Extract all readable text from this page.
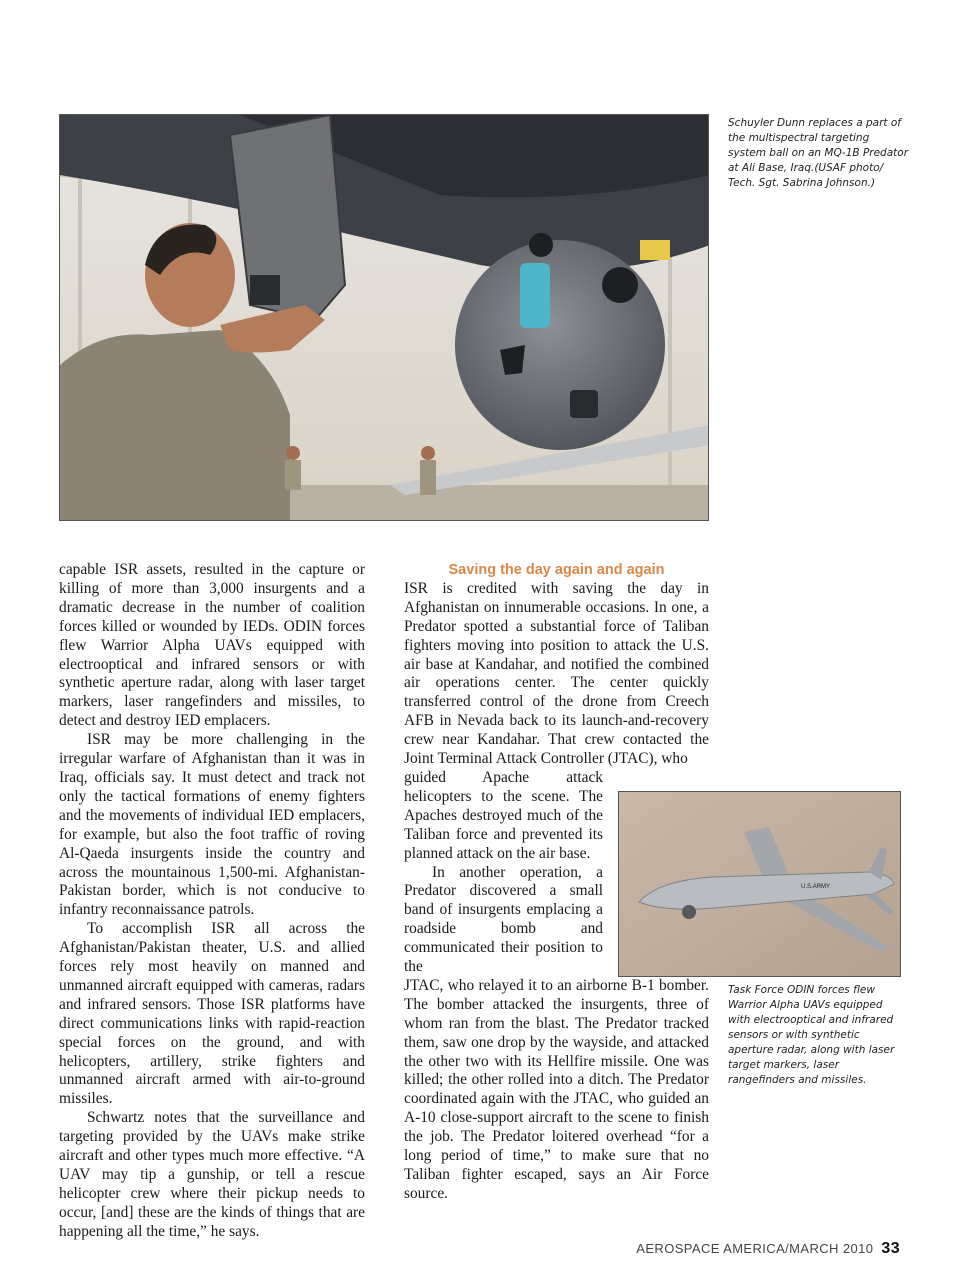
Schuyler Dunn replaces a part of the multispectral targeting system ball on an MQ-1B Predator at Ali Base, Iraq.(USAF photo/ Tech. Sgt. Sabrina Johnson.)

capable ISR assets, resulted in the capture or killing of more than 3,000 insurgents and a dramatic decrease in the number of coalition forces killed or wounded by IEDs. ODIN forces flew Warrior Alpha UAVs equipped with electrooptical and infrared sensors or with synthetic aperture radar, along with laser target markers, laser rangefinders and missiles, to detect and destroy IED emplacers.

ISR may be more challenging in the irregular warfare of Afghanistan than it was in Iraq, officials say. It must detect and track not only the tactical formations of enemy fighters and the movements of individual IED emplacers, for example, but also the foot traffic of roving Al-Qaeda insurgents inside the country and across the mountainous 1,500-mi. Afghanistan-Pakistan border, which is not conducive to infantry reconnaissance patrols.

To accomplish ISR all across the Afghanistan/Pakistan theater, U.S. and allied forces rely most heavily on manned and unmanned aircraft equipped with cameras, radars and infrared sensors. Those ISR platforms have direct communications links with rapid-reaction special forces on the ground, and with helicopters, artillery, strike fighters and unmanned aircraft armed with air-to-ground missiles.

Schwartz notes that the surveillance and targeting provided by the UAVs make strike aircraft and other types much more effective. “A UAV may tip a gunship, or tell a rescue helicopter crew where their pickup needs to occur, [and] these are the kinds of things that are happening all the time,” he says.

Saving the day again and again

ISR is credited with saving the day in Afghanistan on innumerable occasions. In one, a Predator spotted a substantial force of Taliban fighters moving into position to attack the U.S. air base at Kandahar, and notified the combined air operations center. The center quickly transferred control of the drone from Creech AFB in Nevada back to its launch-and-recovery crew near Kandahar. That crew contacted the Joint Terminal Attack Controller (JTAC), who

guided Apache attack helicopters to the scene. The Apaches destroyed much of the Taliban force and prevented its planned attack on the air base.

In another operation, a Predator discovered a small band of insurgents emplacing a roadside bomb and communicated their position to the

JTAC, who relayed it to an airborne B-1 bomber. The bomber attacked the insurgents, three of whom ran from the blast. The Predator tracked them, saw one drop by the wayside, and attacked the other two with its Hellfire missile. One was killed; the other rolled into a ditch. The Predator coordinated again with the JTAC, who guided an A-10 close-support aircraft to the scene to finish the job. The Predator loitered overhead “for a long period of time,” to make sure that no Taliban fighter escaped, says an Air Force source.

U.S.ARMY
Task Force ODIN forces flew Warrior Alpha UAVs equipped with electrooptical and infrared sensors or with synthetic aperture radar, along with laser target markers, laser rangefinders and missiles.
AEROSPACE AMERICA/MARCH 2010 33
